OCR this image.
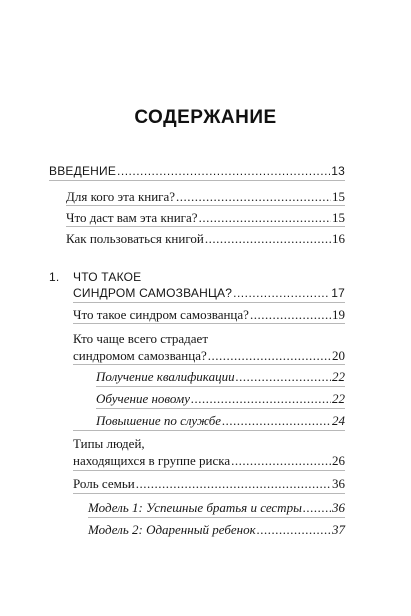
СОДЕРЖАНИЕ
ВВЕДЕНИЕ .....	13
Для кого эта книга? .....	15
Что даст вам эта книга? .....	15
Как пользоваться книгой .....	16
1.	ЧТО ТАКОЕ
СИНДРОМ САМОЗВАНЦА? .....	17
Что такое синдром самозванца? .....	19
Кто чаще всего страдает
синдромом самозванца? .....	20
Получение квалификации .....	22
Обучение новому .....	22
Повышение по службе .....	24
Типы людей,
находящихся в группе риска .....	26
Роль семьи .....	36
Модель 1: Успешные братья и сестры ..... 36
Модель 2: Одаренный ребенок .....	37
